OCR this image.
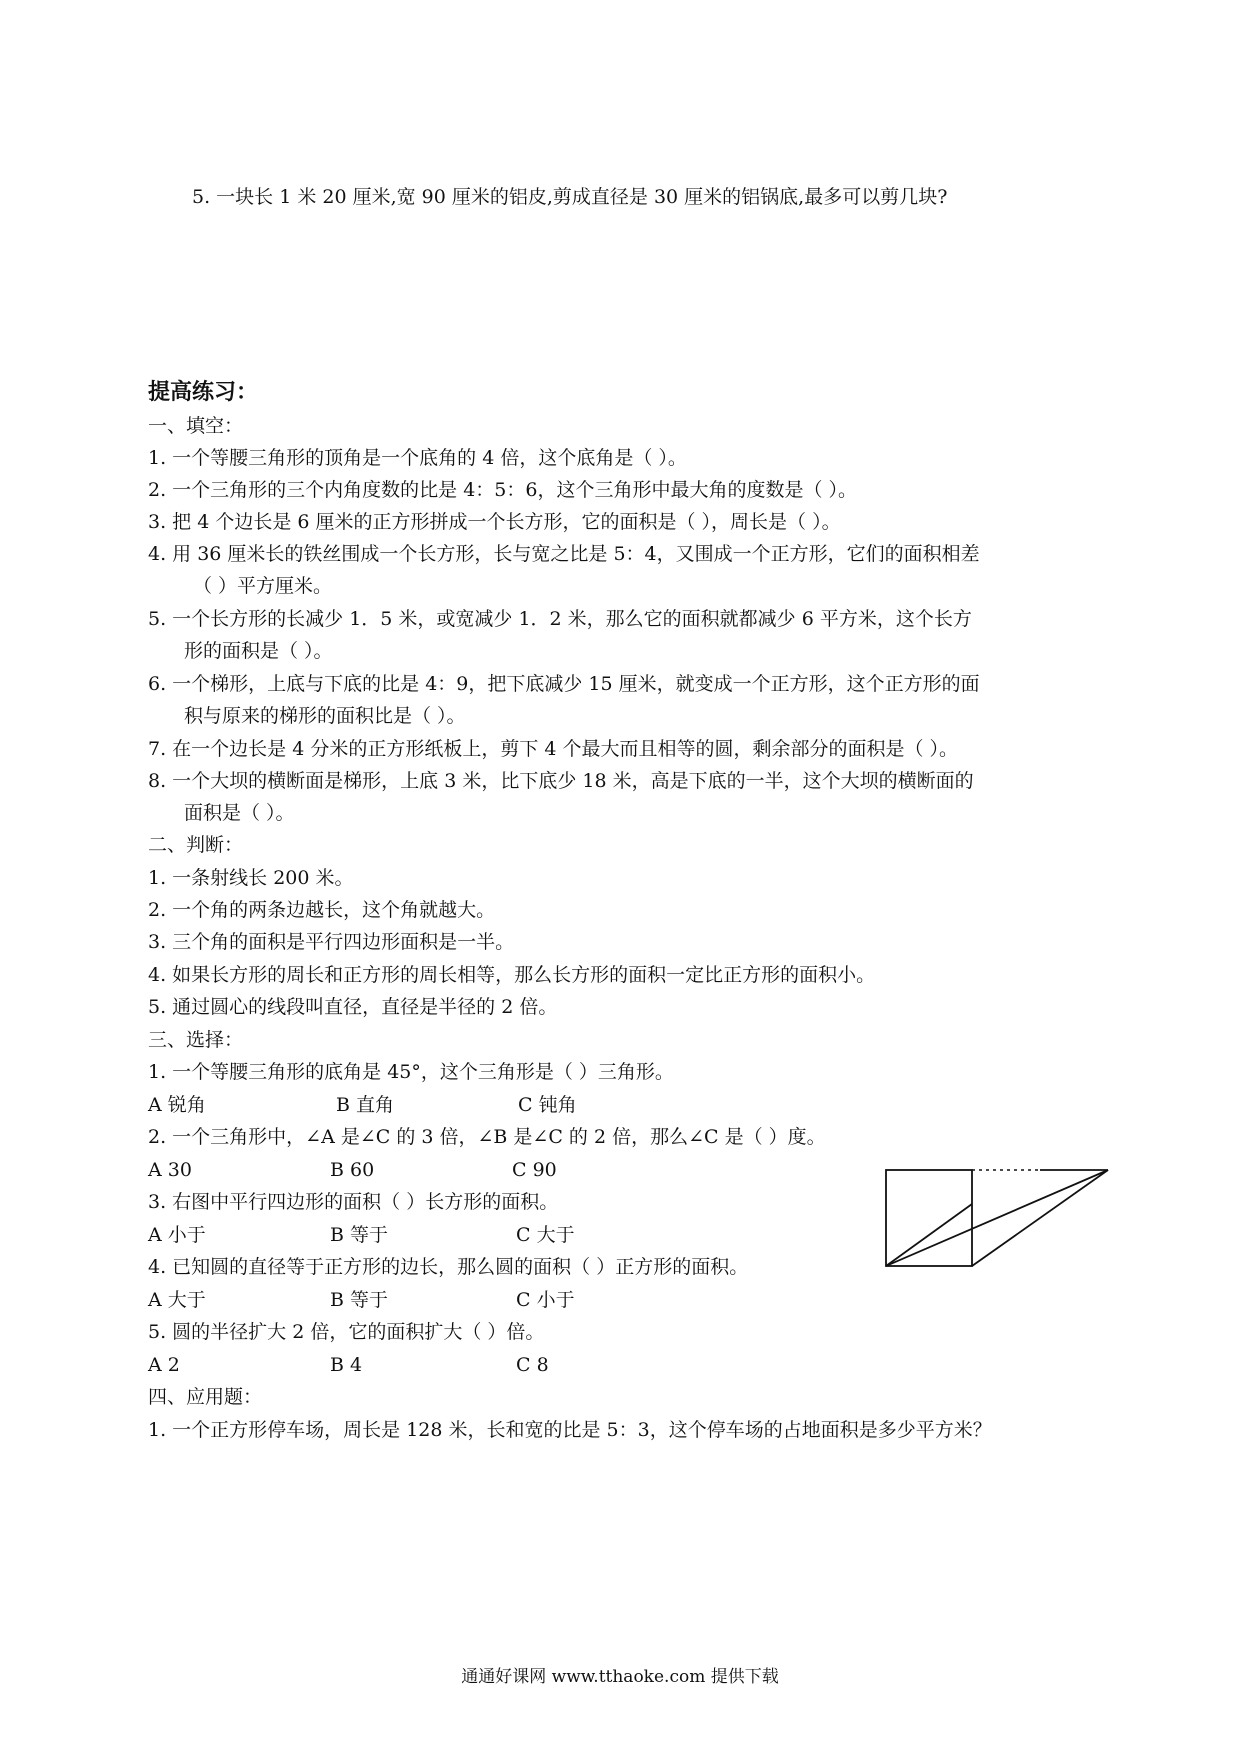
5. 一块长 1 米 20 厘米,宽 90 厘米的铝皮,剪成直径是 30 厘米的铝锅底,最多可以剪几块?
提高练习：
一、填空：
1. 一个等腰三角形的顶角是一个底角的 4 倍，这个底角是（ ）。
2. 一个三角形的三个内角度数的比是 4：5：6，这个三角形中最大角的度数是（ ）。
3. 把 4 个边长是 6 厘米的正方形拼成一个长方形，它的面积是（ ），周长是（ ）。
4. 用 36 厘米长的铁丝围成一个长方形，长与宽之比是 5：4，又围成一个正方形，它们的面积相差
（ ）平方厘米。
5. 一个长方形的长减少 1．5 米，或宽减少 1．2 米，那么它的面积就都减少 6 平方米，这个长方
形的面积是（ ）。
6. 一个梯形，上底与下底的比是 4：9，把下底减少 15 厘米，就变成一个正方形，这个正方形的面
积与原来的梯形的面积比是（ ）。
7. 在一个边长是 4 分米的正方形纸板上，剪下 4 个最大而且相等的圆，剩余部分的面积是（ ）。
8. 一个大坝的横断面是梯形，上底 3 米，比下底少 18 米，高是下底的一半，这个大坝的横断面的
面积是（ ）。
二、判断：
1. 一条射线长 200 米。
2. 一个角的两条边越长，这个角就越大。
3. 三个角的面积是平行四边形面积是一半。
4. 如果长方形的周长和正方形的周长相等，那么长方形的面积一定比正方形的面积小。
5. 通过圆心的线段叫直径，直径是半径的 2 倍。
三、选择：
1. 一个等腰三角形的底角是 45°，这个三角形是（ ）三角形。
A 锐角	B 直角	C 钝角
2. 一个三角形中，∠A 是∠C 的 3 倍，∠B 是∠C 的 2 倍，那么∠C 是（ ）度。
A 30	B 60	C 90
3. 右图中平行四边形的面积（ ）长方形的面积。
A 小于	B 等于	C 大于
4. 已知圆的直径等于正方形的边长，那么圆的面积（ ）正方形的面积。
A 大于	B 等于	C 小于
5. 圆的半径扩大 2 倍，它的面积扩大（ ）倍。
A 2	B 4	C 8
四、应用题：
1. 一个正方形停车场，周长是 128 米，长和宽的比是 5：3，这个停车场的占地面积是多少平方米？
通通好课网 www.tthaoke.com 提供下载
